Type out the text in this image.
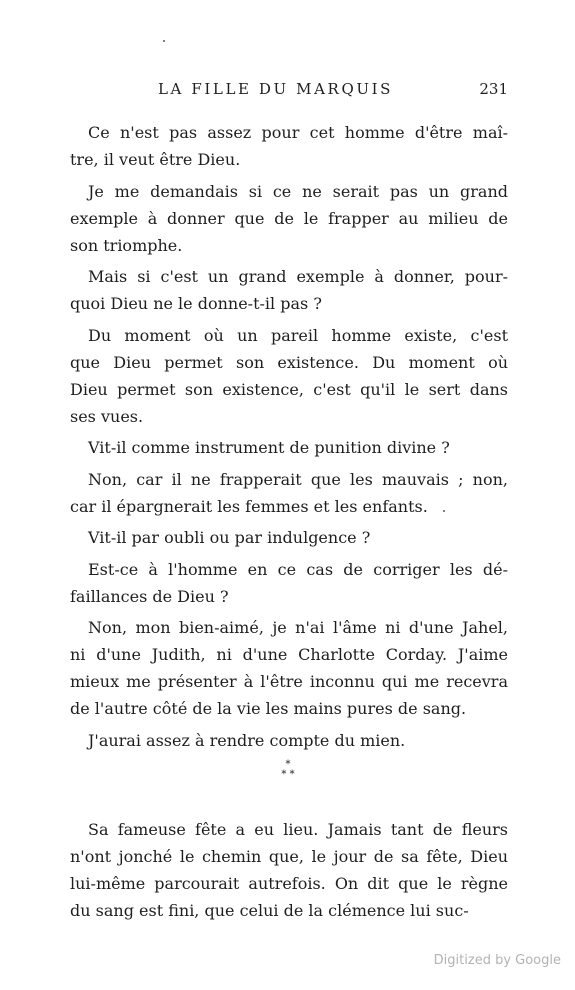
LA FILLE DU MARQUIS	231
Ce n'est pas assez pour cet homme d'être maî-
tre, il veut être Dieu.
Je me demandais si ce ne serait pas un grand
exemple à donner que de le frapper au milieu de
son triomphe.
Mais si c'est un grand exemple à donner, pour-
quoi Dieu ne le donne-t-il pas ?
Du moment où un pareil homme existe, c'est
que Dieu permet son existence. Du moment où
Dieu permet son existence, c'est qu'il le sert dans
ses vues.
Vit-il comme instrument de punition divine ?
Non, car il ne frapperait que les mauvais ; non,
car il épargnerait les femmes et les enfants.
Vit-il par oubli ou par indulgence ?
Est-ce à l'homme en ce cas de corriger les dé-
faillances de Dieu ?
Non, mon bien-aimé, je n'ai l'âme ni d'une Jahel,
ni d'une Judith, ni d'une Charlotte Corday. J'aime
mieux me présenter à l'être inconnu qui me recevra
de l'autre côté de la vie les mains pures de sang.
J'aurai assez à rendre compte du mien.
*
* *
Sa fameuse fête a eu lieu. Jamais tant de fleurs
n'ont jonché le chemin que, le jour de sa fête, Dieu
lui-même parcourait autrefois. On dit que le règne
du sang est fini, que celui de la clémence lui suc-
Digitized by Google
